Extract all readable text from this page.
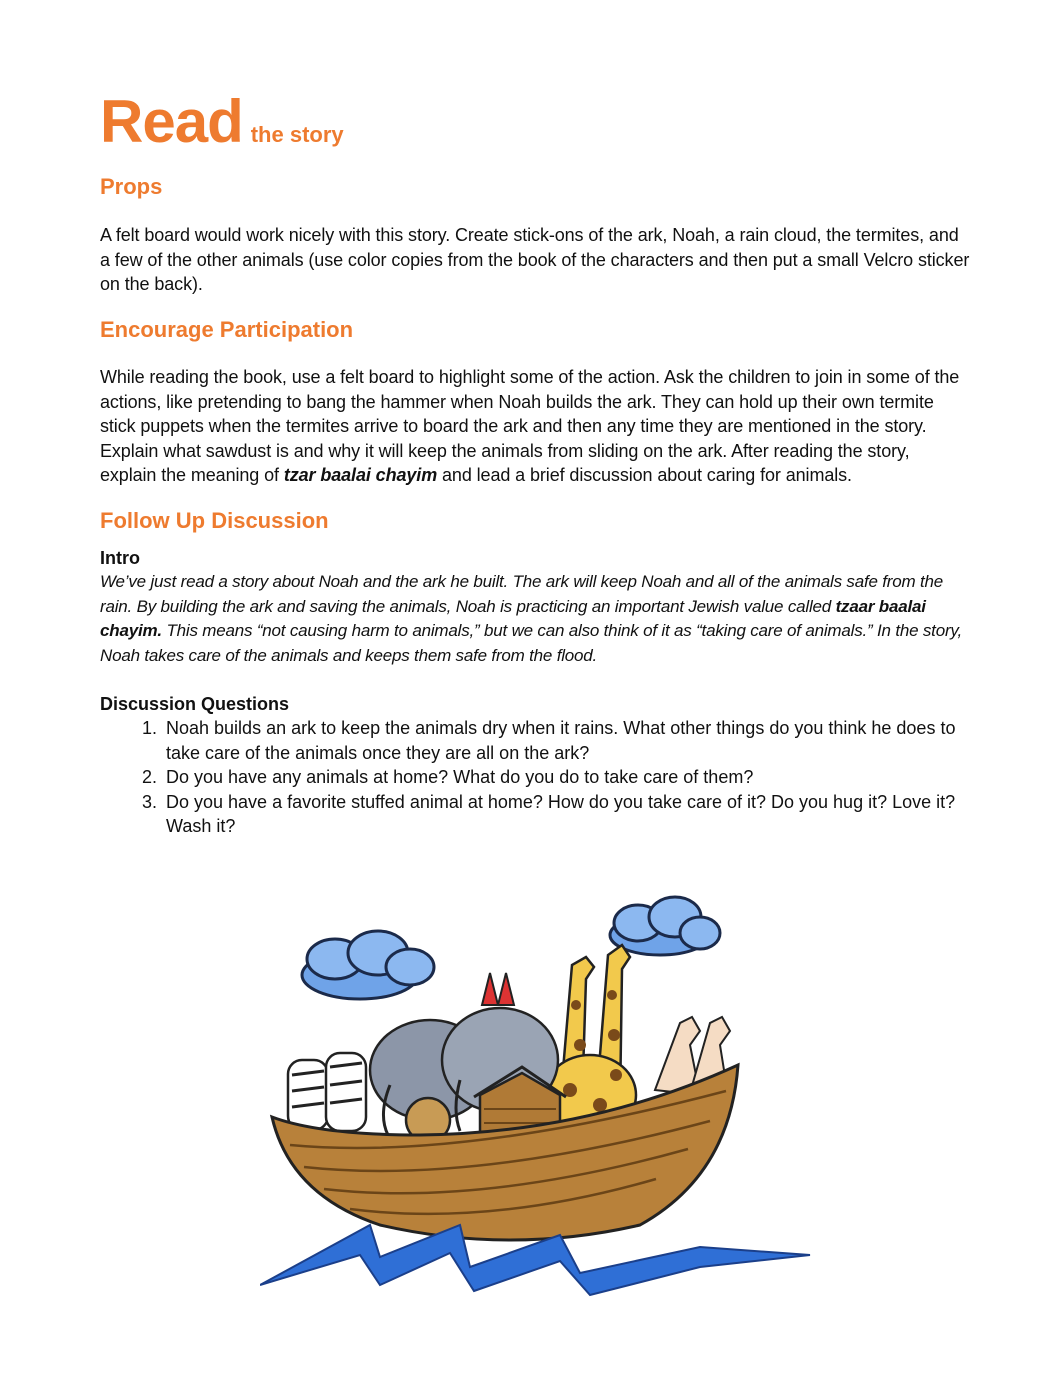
Read the story
Props

A felt board would work nicely with this story. Create stick-ons of the ark, Noah, a rain cloud, the termites, and a few of the other animals (use color copies from the book of the characters and then put a small Velcro sticker on the back).

Encourage Participation

While reading the book, use a felt board to highlight some of the action. Ask the children to join in some of the actions, like pretending to bang the hammer when Noah builds the ark. They can hold up their own termite stick puppets when the termites arrive to board the ark and then any time they are mentioned in the story. Explain what sawdust is and why it will keep the animals from sliding on the ark. After reading the story, explain the meaning of tzar baalai chayim and lead a brief discussion about caring for animals.

Follow Up Discussion
Intro

We’ve just read a story about Noah and the ark he built. The ark will keep Noah and all of the animals safe from the rain. By building the ark and saving the animals, Noah is practicing an important Jewish value called tzaar baalai chayim. This means “not causing harm to animals,” but we can also think of it as “taking care of animals.” In the story, Noah takes care of the animals and keeps them safe from the flood.

Discussion Questions
1. Noah builds an ark to keep the animals dry when it rains. What other things do you think he does to take care of the animals once they are all on the ark?
2. Do you have any animals at home? What do you do to take care of them?
3. Do you have a favorite stuffed animal at home? How do you take care of it? Do you hug it? Love it? Wash it?
